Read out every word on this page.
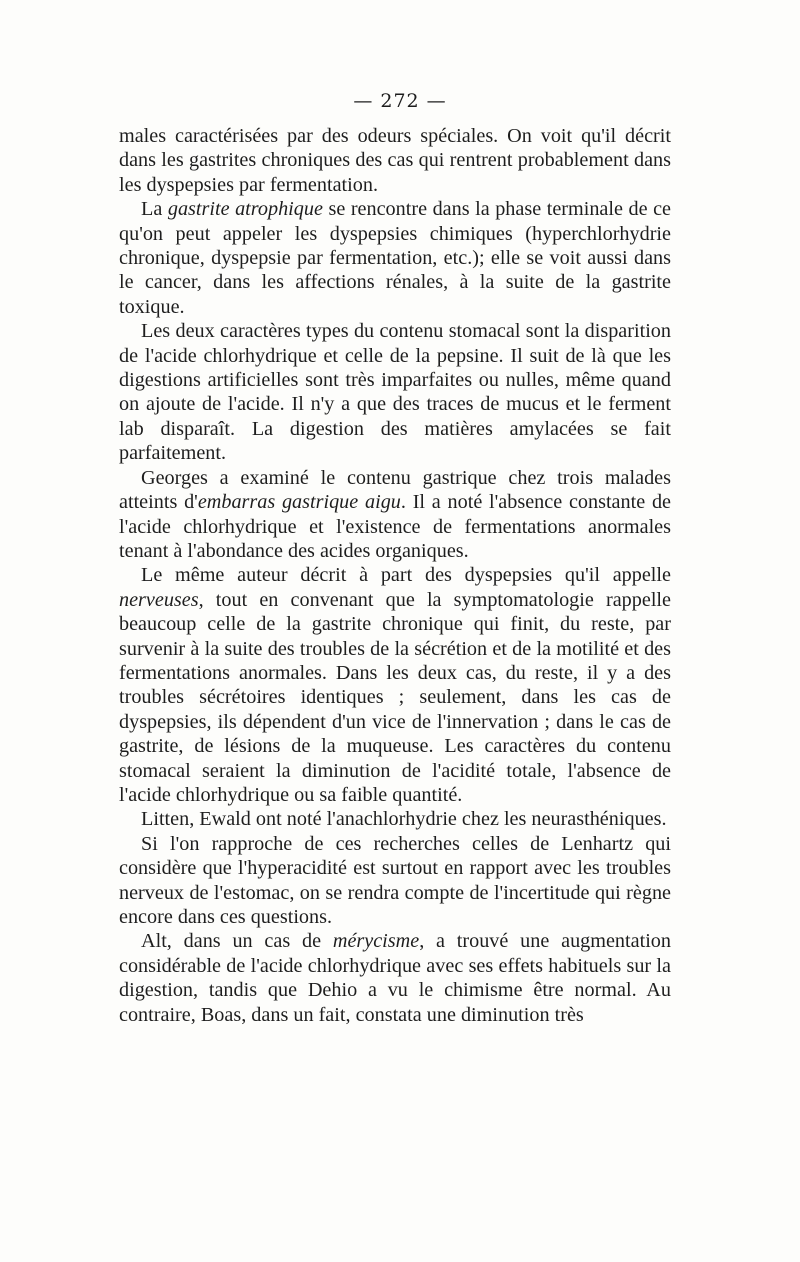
— 272 —

males caractérisées par des odeurs spéciales. On voit qu'il décrit dans les gastrites chroniques des cas qui rentrent probablement dans les dyspepsies par fermentation.

La gastrite atrophique se rencontre dans la phase terminale de ce qu'on peut appeler les dyspepsies chimiques (hyperchlorhydrie chronique, dyspepsie par fermentation, etc.); elle se voit aussi dans le cancer, dans les affections rénales, à la suite de la gastrite toxique.

Les deux caractères types du contenu stomacal sont la disparition de l'acide chlorhydrique et celle de la pepsine. Il suit de là que les digestions artificielles sont très imparfaites ou nulles, même quand on ajoute de l'acide. Il n'y a que des traces de mucus et le ferment lab disparaît. La digestion des matières amylacées se fait parfaitement.

Georges a examiné le contenu gastrique chez trois malades atteints d'embarras gastrique aigu. Il a noté l'absence constante de l'acide chlorhydrique et l'existence de fermentations anormales tenant à l'abondance des acides organiques.

Le même auteur décrit à part des dyspepsies qu'il appelle nerveuses, tout en convenant que la symptomatologie rappelle beaucoup celle de la gastrite chronique qui finit, du reste, par survenir à la suite des troubles de la sécrétion et de la motilité et des fermentations anormales. Dans les deux cas, du reste, il y a des troubles sécrétoires identiques ; seulement, dans les cas de dyspepsies, ils dépendent d'un vice de l'innervation ; dans le cas de gastrite, de lésions de la muqueuse. Les caractères du contenu stomacal seraient la diminution de l'acidité totale, l'absence de l'acide chlorhydrique ou sa faible quantité.

Litten, Ewald ont noté l'anachlorhydrie chez les neurasthéniques.

Si l'on rapproche de ces recherches celles de Lenhartz qui considère que l'hyperacidité est surtout en rapport avec les troubles nerveux de l'estomac, on se rendra compte de l'incertitude qui règne encore dans ces questions.

Alt, dans un cas de mérycisme, a trouvé une augmentation considérable de l'acide chlorhydrique avec ses effets habituels sur la digestion, tandis que Dehio a vu le chimisme être normal. Au contraire, Boas, dans un fait, constata une diminution très
